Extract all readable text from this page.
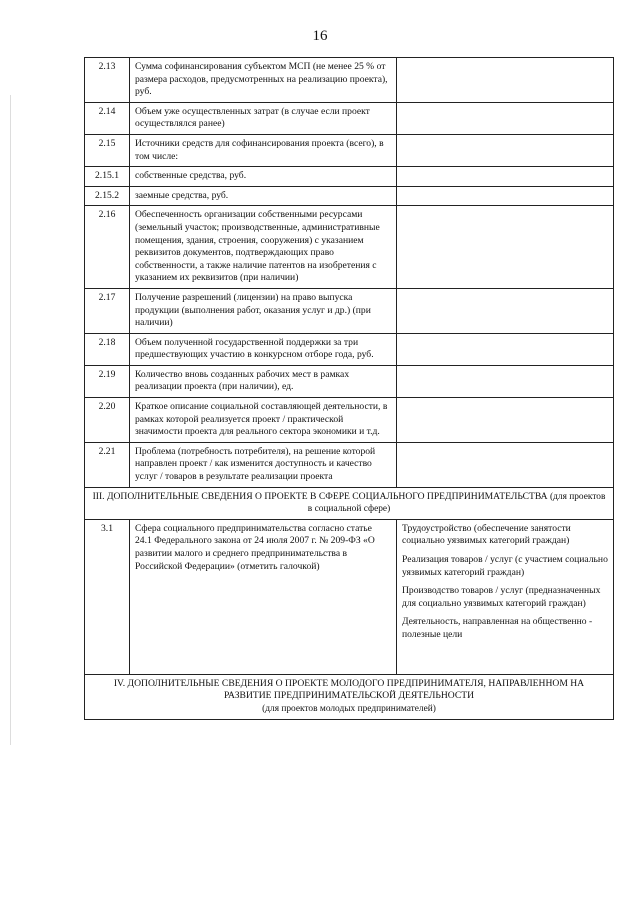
16
2.13	Сумма софинансирования субъектом МСП (не менее 25 % от размера расходов, предусмотренных на реализацию проекта), руб.	
2.14	Объем уже осуществленных затрат (в случае если проект осуществлялся ранее)	
2.15	Источники средств для софинансирования проекта (всего), в том числе:	
2.15.1	собственные средства, руб.	
2.15.2	заемные средства, руб.	
2.16	Обеспеченность организации собственными ресурсами (земельный участок; производственные, административные помещения, здания, строения, сооружения) с указанием реквизитов документов, подтверждающих право собственности, а также наличие патентов на изобретения с указанием их реквизитов (при наличии)	
2.17	Получение разрешений (лицензии) на право выпуска продукции (выполнения работ, оказания услуг и др.) (при наличии)	
2.18	Объем полученной государственной поддержки за три предшествующих участию в конкурсном отборе года, руб.	
2.19	Количество вновь созданных рабочих мест в рамках реализации проекта (при наличии), ед.	
2.20	Краткое описание социальной составляющей деятельности, в рамках которой реализуется проект / практической значимости проекта для реального сектора экономики и т.д.	
2.21	Проблема (потребность потребителя), на решение которой направлен проект / как изменится доступность и качество услуг / товаров в результате реализации проекта	
III. ДОПОЛНИТЕЛЬНЫЕ СВЕДЕНИЯ О ПРОЕКТЕ В СФЕРЕ СОЦИАЛЬНОГО ПРЕДПРИНИМАТЕЛЬСТВА (для проектов в социальной сфере)		
3.1	Сфера социального предпринимательства согласно статье 24.1 Федерального закона от 24 июля 2007 г. № 209-ФЗ «О развитии малого и среднего предпринимательства в Российской Федерации» (отметить галочкой)	Трудоустройство (обеспечение занятости социально уязвимых категорий граждан)
Реализация товаров / услуг (с участием социально уязвимых категорий граждан)
Производство товаров / услуг (предназначенных для социально уязвимых категорий граждан)
Деятельность, направленная на общественно - полезные цели

IV. ДОПОЛНИТЕЛЬНЫЕ СВЕДЕНИЯ О ПРОЕКТЕ МОЛОДОГО ПРЕДПРИНИМАТЕЛЯ, НАПРАВЛЕННОМ НА РАЗВИТИЕ ПРЕДПРИНИМАТЕЛЬСКОЙ ДЕЯТЕЛЬНОСТИ
(для проектов молодых предпринимателей)		
